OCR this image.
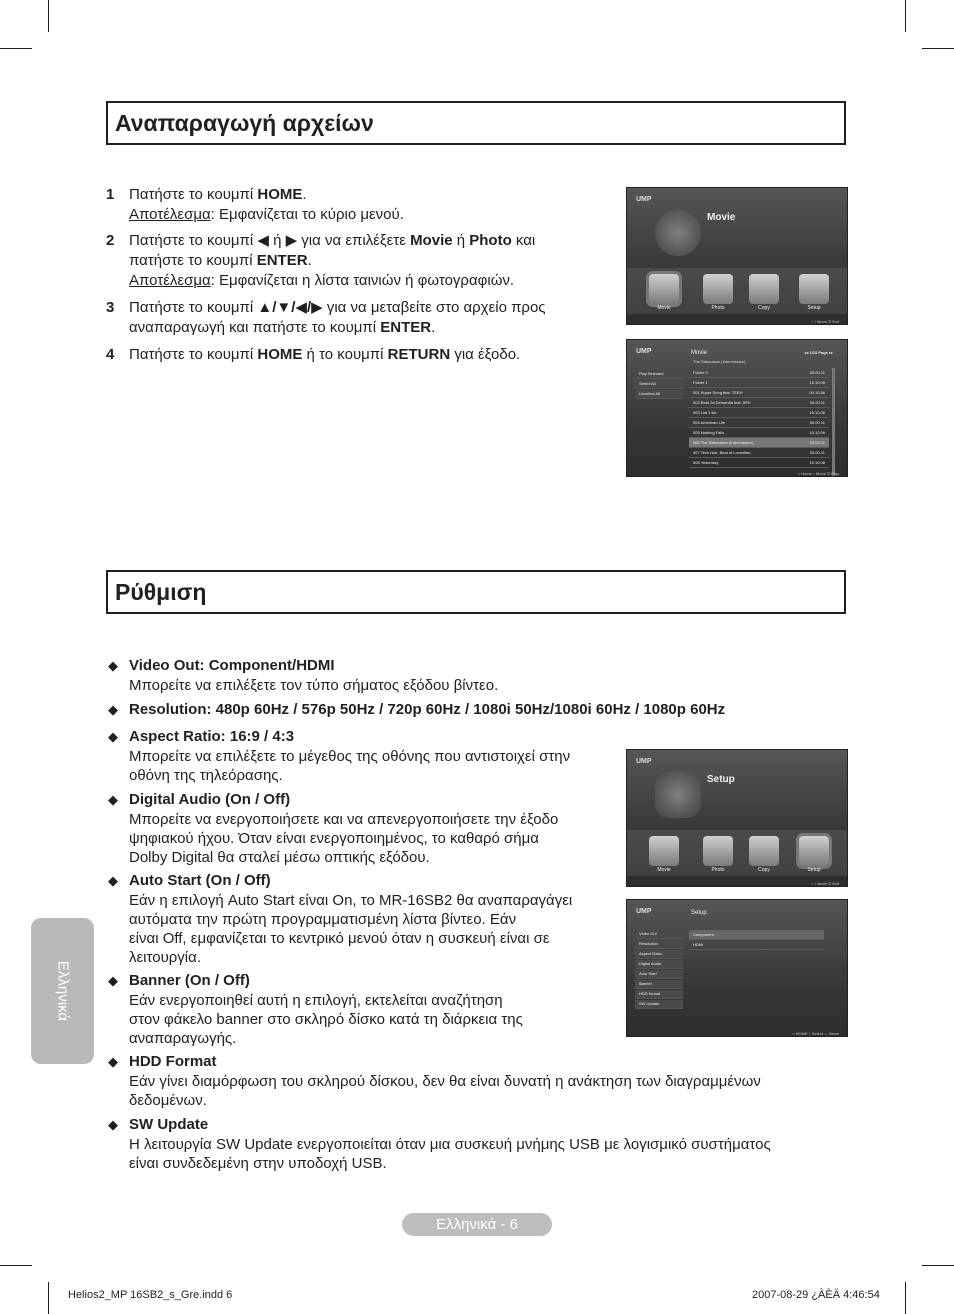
Αναπαραγωγή αρχείων
1 Πατήστε το κουμπί HOME.
Αποτέλεσμα: Εμφανίζεται το κύριο μενού.
2 Πατήστε το κουμπί ◀ ή ▶ για να επιλέξετε Movie ή Photo και
πατήστε το κουμπί ENTER.
Αποτέλεσμα: Εμφανίζεται η λίστα ταινιών ή φωτογραφιών.
3 Πατήστε το κουμπί ▲/▼/◀/▶ για να μεταβείτε στο αρχείο προς
αναπαραγωγή και πατήστε το κουμπί ENTER.
4 Πατήστε το κουμπί HOME ή το κουμπί RETURN για έξοδο.
UMP
Movie
Movie	Photo	Copy	Setup
↕ ↕ Move ⎋ Exit
UMP	Movie	◂◂ 1/13 Page ▸▸
The Sakurasan (Intermission)
Play Selected
Select All
Unselect All
Folder 0	00.00.11
Folder 1	10.10.06
001 Super Song feat. TEEH	00.10.56
002 Beat 2a Dementia feat. BPK	00.00.11
003 List 1 list	10.10.06
004 American Life	00.00.11
005 Nothing Fails	10.10.06
006 The Sakurasan (Intermission)	00.00.11
007 Tech Noir, Beat of Lovestido	00.00.11
008 Yesterday	10.10.06
⌂ Home ↕ Move ⎋ Play
Ρύθμιση
◆ Video Out: Component/HDMI
Μπορείτε να επιλέξετε τον τύπο σήματος εξόδου βίντεο.
◆ Resolution: 480p 60Hz / 576p 50Hz / 720p 60Hz / 1080i 50Hz/1080i 60Hz / 1080p 60Hz
◆ Aspect Ratio: 16:9 / 4:3
Μπορείτε να επιλέξετε το μέγεθος της οθόνης που αντιστοιχεί στην
οθόνη της τηλεόρασης.
◆ Digital Audio (On / Off)
Μπορείτε να ενεργοποιήσετε και να απενεργοποιήσετε την έξοδο
ψηφιακού ήχου. Όταν είναι ενεργοποιημένος, το καθαρό σήμα
Dolby Digital θα σταλεί μέσω οπτικής εξόδου.
◆ Auto Start (On / Off)
Εάν η επιλογή Auto Start είναι On, το MR-16SB2 θα αναπαραγάγει
αυτόματα την πρώτη προγραμματισμένη λίστα βίντεο. Εάν
είναι Off, εμφανίζεται το κεντρικό μενού όταν η συσκευή είναι σε
λειτουργία.
◆ Banner (On / Off)
Εάν ενεργοποιηθεί αυτή η επιλογή, εκτελείται αναζήτηση
στον φάκελο banner στο σκληρό δίσκο κατά τη διάρκεια της
αναπαραγωγής.
◆ HDD Format
Εάν γίνει διαμόρφωση του σκληρού δίσκου, δεν θα είναι δυνατή η ανάκτηση των διαγραμμένων
δεδομένων.
◆ SW Update
Η λειτουργία SW Update ενεργοποιείται όταν μια συσκευή μνήμης USB με λογισμικό συστήματος
είναι συνδεδεμένη στην υποδοχή USB.
UMP
Setup
Movie	Photo	Copy	Setup
↕ ↕ Move ⎋ Exit
UMP	Setup
Video Out
Resolution
Aspect Ratio
Digital Audio
Auto Start
Banner
HDD format
SW Update
Component
HDMI
⌂ HOME ↕ Select ↔ Move
Ελληνικά
Ελληνικά - 6
Helios2_MP 16SB2_s_Gre.indd 6	2007-08-29 ¿ÀÈÄ 4:46:54
